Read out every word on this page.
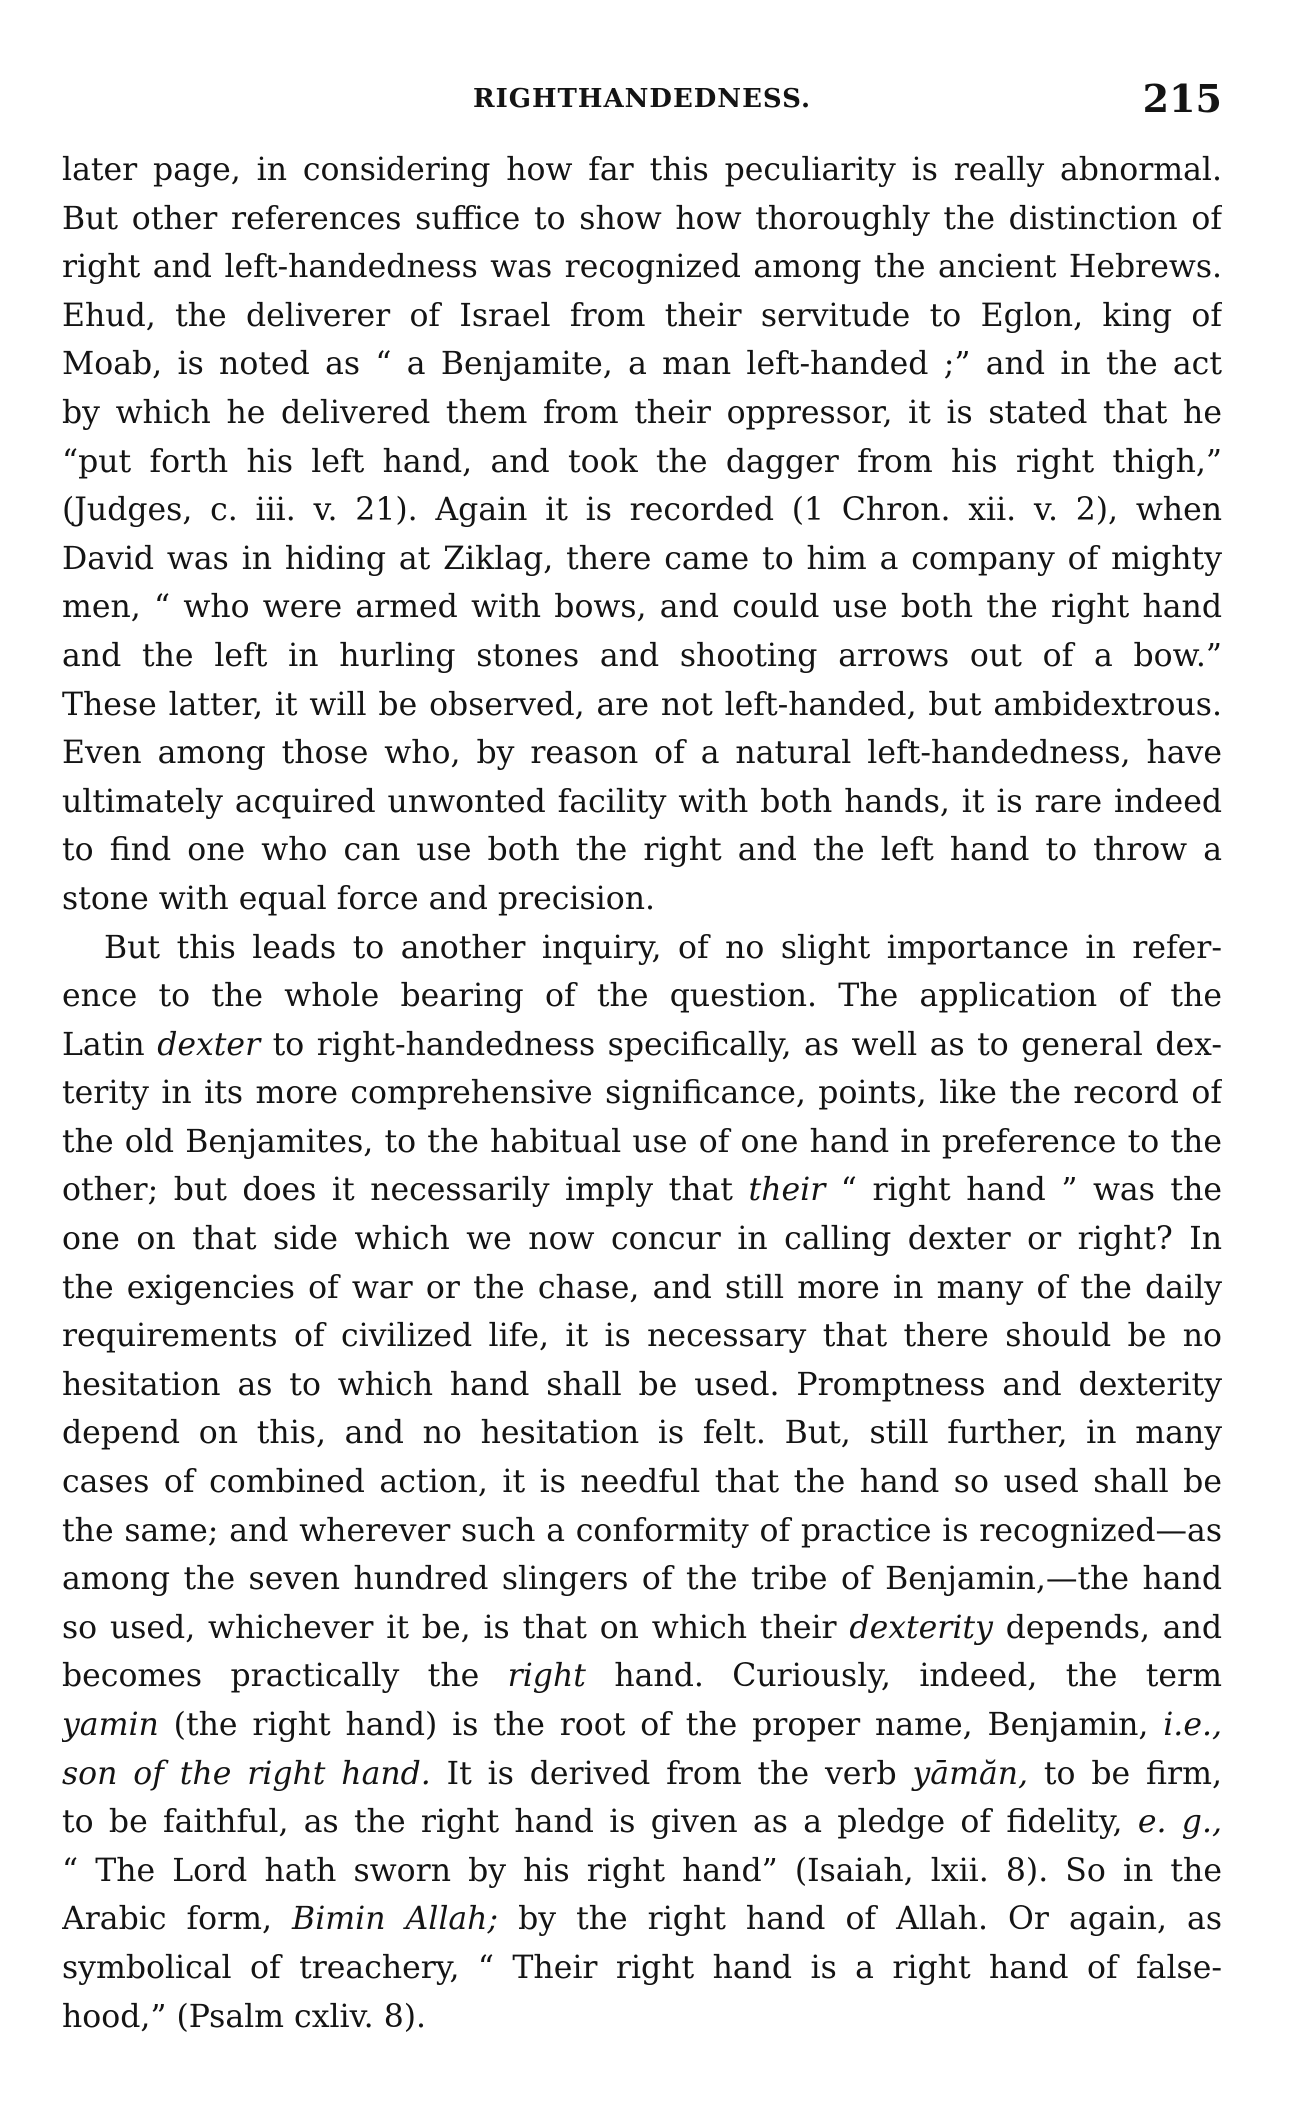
RIGHTHANDEDNESS.	215
later page, in considering how far this peculiarity is really abnormal.
But other references suffice to show how thoroughly the distinction of
right and left-handedness was recognized among the ancient Hebrews.
Ehud, the deliverer of Israel from their servitude to Eglon, king of
Moab, is noted as “ a Benjamite, a man left-handed ;” and in the act
by which he delivered them from their oppressor, it is stated that he
“put forth his left hand, and took the dagger from his right thigh,”
(Judges, c. iii. v. 21). Again it is recorded (1 Chron. xii. v. 2), when
David was in hiding at Ziklag, there came to him a company of mighty
men, “ who were armed with bows, and could use both the right hand
and the left in hurling stones and shooting arrows out of a bow.”
These latter, it will be observed, are not left-handed, but ambidextrous.
Even among those who, by reason of a natural left-handedness, have
ultimately acquired unwonted facility with both hands, it is rare indeed
to find one who can use both the right and the left hand to throw a
stone with equal force and precision.
But this leads to another inquiry, of no slight importance in refer-
ence to the whole bearing of the question. The application of the
Latin dexter to right-handedness specifically, as well as to general dex-
terity in its more comprehensive significance, points, like the record of
the old Benjamites, to the habitual use of one hand in preference to the
other; but does it necessarily imply that their “ right hand ” was the
one on that side which we now concur in calling dexter or right? In
the exigencies of war or the chase, and still more in many of the daily
requirements of civilized life, it is necessary that there should be no
hesitation as to which hand shall be used. Promptness and dexterity
depend on this, and no hesitation is felt. But, still further, in many
cases of combined action, it is needful that the hand so used shall be
the same; and wherever such a conformity of practice is recognized—as
among the seven hundred slingers of the tribe of Benjamin,—the hand
so used, whichever it be, is that on which their dexterity depends, and
becomes practically the right hand. Curiously, indeed, the term
yamin (the right hand) is the root of the proper name, Benjamin, i.e.,
son of the right hand. It is derived from the verb yāmăn, to be firm,
to be faithful, as the right hand is given as a pledge of fidelity, e. g.,
“ The Lord hath sworn by his right hand” (Isaiah, lxii. 8). So in the
Arabic form, Bimin Allah; by the right hand of Allah. Or again, as
symbolical of treachery, “ Their right hand is a right hand of false-
hood,” (Psalm cxliv. 8).
